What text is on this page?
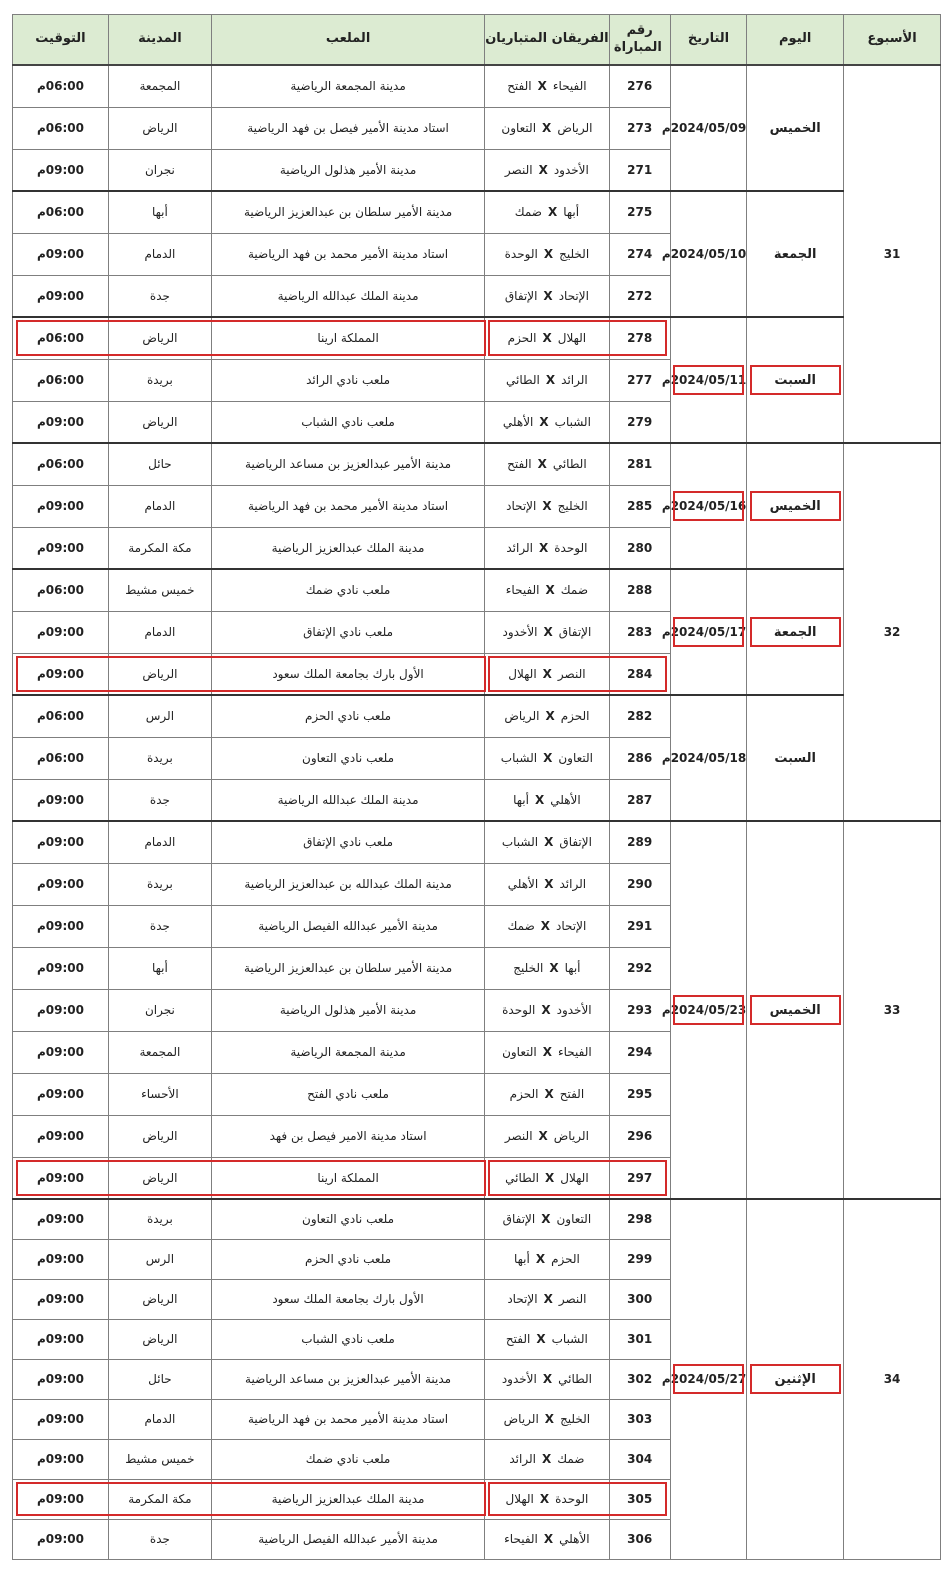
الأسبوع	اليوم	التاريخ	رقم المباراة	الفريقان المتباريان	الملعب	المدينة	التوقيت
31	الخميس	2024/05/09م	276	الفيحاءXالفتح	مدينة المجمعة الرياضية	المجمعة	06:00م
			273	الرياضXالتعاون	استاد مدينة الأمير فيصل بن فهد الرياضية	الرياض	06:00م
			271	الأخدودXالنصر	مدينة الأمير هذلول الرياضية	نجران	09:00م
	الجمعة	2024/05/10م	275	أبهاXضمك	مدينة الأمير سلطان بن عبدالعزيز الرياضية	أبها	06:00م
			274	الخليجXالوحدة	استاد مدينة الأمير محمد بن فهد الرياضية	الدمام	09:00م
			272	الإتحادXالإتفاق	مدينة الملك عبدالله الرياضية	جدة	09:00م
	السبت	2024/05/11م	278	الهلالXالحزم	المملكة ارينا	الرياض	06:00م
			277	الرائدXالطائي	ملعب نادي الرائد	بريدة	06:00م
			279	الشبابXالأهلي	ملعب نادي الشباب	الرياض	09:00م
32	الخميس	2024/05/16م	281	الطائيXالفتح	مدينة الأمير عبدالعزيز بن مساعد الرياضية	حائل	06:00م
			285	الخليجXالإتحاد	استاد مدينة الأمير محمد بن فهد الرياضية	الدمام	09:00م
			280	الوحدةXالرائد	مدينة الملك عبدالعزيز الرياضية	مكة المكرمة	09:00م
	الجمعة	2024/05/17م	288	ضمكXالفيحاء	ملعب نادي ضمك	خميس مشيط	06:00م
			283	الإتفاقXالأخدود	ملعب نادي الإتفاق	الدمام	09:00م
			284	النصرXالهلال	الأول بارك بجامعة الملك سعود	الرياض	09:00م
	السبت	2024/05/18م	282	الحزمXالرياض	ملعب نادي الحزم	الرس	06:00م
			286	التعاونXالشباب	ملعب نادي التعاون	بريدة	06:00م
			287	الأهليXأبها	مدينة الملك عبدالله الرياضية	جدة	09:00م
33	الخميس	2024/05/23م	289	الإتفاقXالشباب	ملعب نادي الإتفاق	الدمام	09:00م
			290	الرائدXالأهلي	مدينة الملك عبدالله بن عبدالعزيز الرياضية	بريدة	09:00م
			291	الإتحادXضمك	مدينة الأمير عبدالله الفيصل الرياضية	جدة	09:00م
			292	أبهاXالخليج	مدينة الأمير سلطان بن عبدالعزيز الرياضية	أبها	09:00م
			293	الأخدودXالوحدة	مدينة الأمير هذلول الرياضية	نجران	09:00م
			294	الفيحاءXالتعاون	مدينة المجمعة الرياضية	المجمعة	09:00م
			295	الفتحXالحزم	ملعب نادي الفتح	الأحساء	09:00م
			296	الرياضXالنصر	استاد مدينة الامير فيصل بن فهد	الرياض	09:00م
			297	الهلالXالطائي	المملكة ارينا	الرياض	09:00م
34	الإثنين	2024/05/27م	298	التعاونXالإتفاق	ملعب نادي التعاون	بريدة	09:00م
			299	الحزمXأبها	ملعب نادي الحزم	الرس	09:00م
			300	النصرXالإتحاد	الأول بارك بجامعة الملك سعود	الرياض	09:00م
			301	الشبابXالفتح	ملعب نادي الشباب	الرياض	09:00م
			302	الطائيXالأخدود	مدينة الأمير عبدالعزيز بن مساعد الرياضية	حائل	09:00م
			303	الخليجXالرياض	استاد مدينة الأمير محمد بن فهد الرياضية	الدمام	09:00م
			304	ضمكXالرائد	ملعب نادي ضمك	خميس مشيط	09:00م
			305	الوحدةXالهلال	مدينة الملك عبدالعزيز الرياضية	مكة المكرمة	09:00م
			306	الأهليXالفيحاء	مدينة الأمير عبدالله الفيصل الرياضية	جدة	09:00م
